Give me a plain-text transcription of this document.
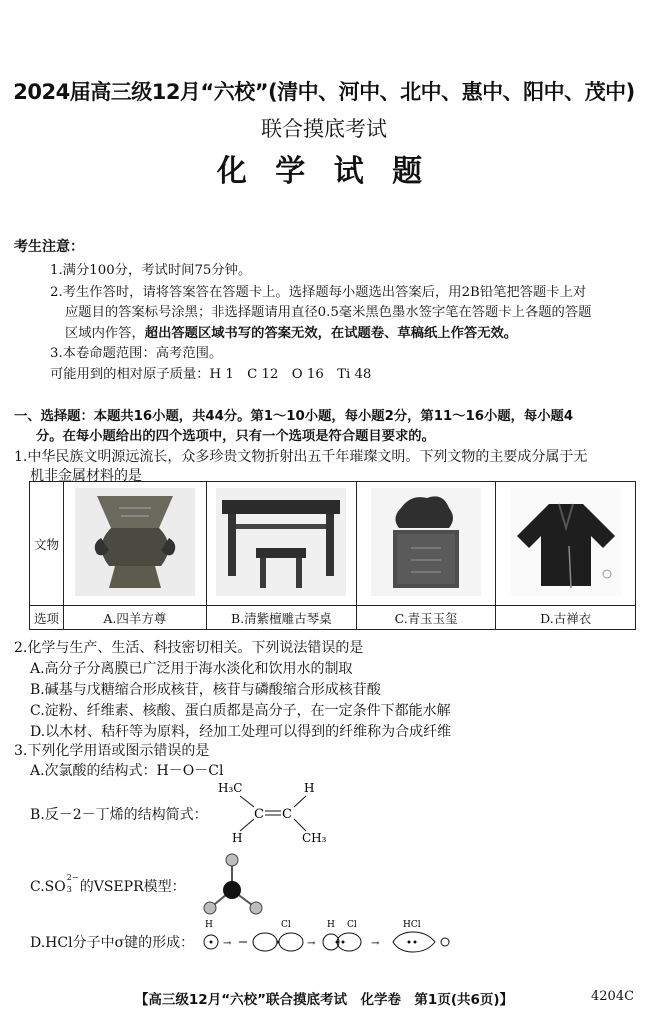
2024届高三级12月“六校”(清中、河中、北中、惠中、阳中、茂中)
联合摸底考试
化 学 试 题
考生注意：
1.满分100分，考试时间75分钟。
2.考生作答时，请将答案答在答题卡上。选择题每小题选出答案后，用2B铅笔把答题卡上对
应题目的答案标号涂黑；非选择题请用直径0.5毫米黑色墨水签字笔在答题卡上各题的答题
区域内作答，超出答题区域书写的答案无效，在试题卷、草稿纸上作答无效。
3.本卷命题范围：高考范围。
可能用到的相对原子质量：H 1　C 12　O 16　Ti 48
一、选择题：本题共16小题，共44分。第1～10小题，每小题2分，第11～16小题，每小题4
分。在每小题给出的四个选项中，只有一个选项是符合题目要求的。
1.中华民族文明源远流长，众多珍贵文物折射出五千年璀璨文明。下列文物的主要成分属于无
机非金属材料的是
文物				
选项	A.四羊方尊	B.清紫檀雕古琴桌	C.青玉玉玺	D.古禅衣
2.化学与生产、生活、科技密切相关。下列说法错误的是
A.高分子分离膜已广泛用于海水淡化和饮用水的制取
B.碱基与戊糖缩合形成核苷，核苷与磷酸缩合形成核苷酸
C.淀粉、纤维素、核酸、蛋白质都是高分子，在一定条件下都能水解
D.以木材、秸秆等为原料，经加工处理可以得到的纤维称为合成纤维
3.下列化学用语或图示错误的是
A.次氯酸的结构式：H－O－Cl
H₃C	H
C C
H	CH₃
B.反－2－丁烯的结构简式：
C.SO
2−
3 的VSEPR模型：
D.HCl分子中σ键的形成：
H
→
Cl
→
H Cl
→
HCl
【高三级12月“六校”联合摸底考试　化学卷　第1页(共6页)】	4204C
